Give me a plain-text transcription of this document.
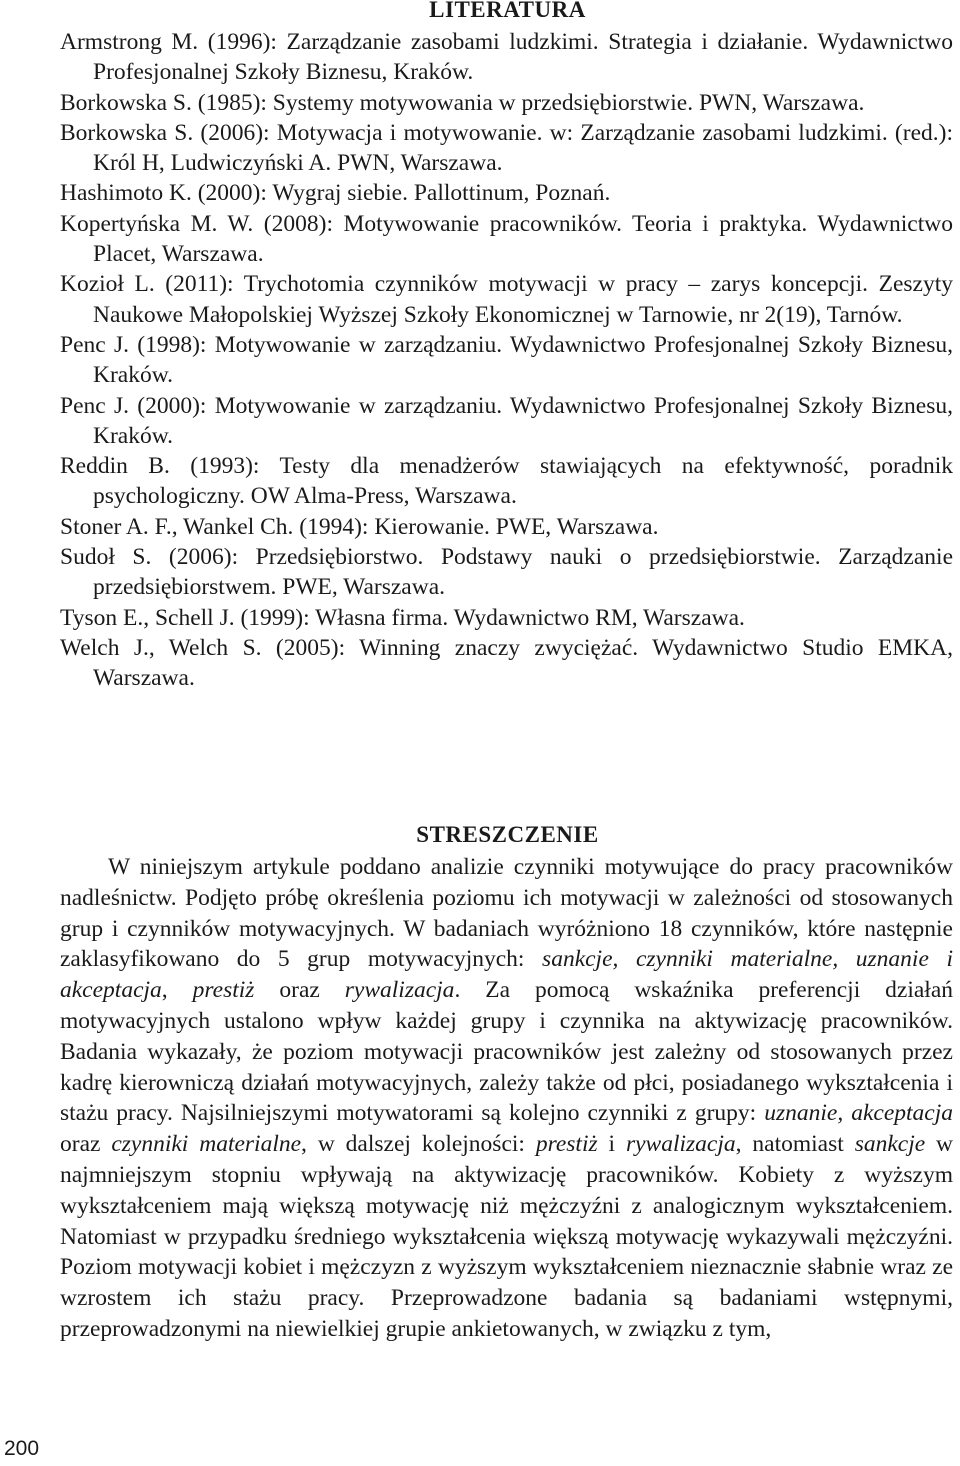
LITERATURA
Armstrong M. (1996): Zarządzanie zasobami ludzkimi. Strategia i działanie. Wydawnictwo Profesjonalnej Szkoły Biznesu, Kraków.
Borkowska S. (1985): Systemy motywowania w przedsiębiorstwie. PWN, Warszawa.
Borkowska S. (2006): Motywacja i motywowanie. w: Zarządzanie zasobami ludzkimi. (red.): Król H, Ludwiczyński A. PWN, Warszawa.
Hashimoto K. (2000): Wygraj siebie. Pallottinum, Poznań.
Kopertyńska M. W. (2008): Motywowanie pracowników. Teoria i praktyka. Wydawnictwo Placet, Warszawa.
Kozioł L. (2011): Trychotomia czynników motywacji w pracy – zarys koncepcji. Zeszyty Naukowe Małopolskiej Wyższej Szkoły Ekonomicznej w Tarnowie, nr 2(19), Tarnów.
Penc J. (1998): Motywowanie w zarządzaniu. Wydawnictwo Profesjonalnej Szkoły Biznesu, Kraków.
Penc J. (2000): Motywowanie w zarządzaniu. Wydawnictwo Profesjonalnej Szkoły Biznesu, Kraków.
Reddin B. (1993): Testy dla menadżerów stawiających na efektywność, poradnik psychologiczny. OW Alma-Press, Warszawa.
Stoner A. F., Wankel Ch. (1994): Kierowanie. PWE, Warszawa.
Sudoł S. (2006): Przedsiębiorstwo. Podstawy nauki o przedsiębiorstwie. Zarządzanie przedsiębiorstwem. PWE, Warszawa.
Tyson E., Schell J. (1999): Własna firma. Wydawnictwo RM, Warszawa.
Welch J., Welch S. (2005): Winning znaczy zwyciężać. Wydawnictwo Studio EMKA, Warszawa.
STRESZCZENIE

W niniejszym artykule poddano analizie czynniki motywujące do pracy pracowników nadleśnictw. Podjęto próbę określenia poziomu ich motywacji w zależności od stosowanych grup i czynników motywacyjnych. W badaniach wyróżniono 18 czynników, które następnie zaklasyfikowano do 5 grup motywacyjnych: sankcje, czynniki materialne, uznanie i akceptacja, prestiż oraz rywalizacja. Za pomocą wskaźnika preferencji działań motywacyjnych ustalono wpływ każdej grupy i czynnika na aktywizację pracowników. Badania wykazały, że poziom motywacji pracowników jest zależny od stosowanych przez kadrę kierowniczą działań motywacyjnych, zależy także od płci, posiadanego wykształcenia i stażu pracy. Najsilniejszymi motywatorami są kolejno czynniki z grupy: uznanie, akceptacja oraz czynniki materialne, w dalszej kolejności: prestiż i rywalizacja, natomiast sankcje w najmniejszym stopniu wpływają na aktywizację pracowników. Kobiety z wyższym wykształceniem mają większą motywację niż mężczyźni z analogicznym wykształceniem. Natomiast w przypadku średniego wykształcenia większą motywację wykazywali mężczyźni. Poziom motywacji kobiet i mężczyzn z wyższym wykształceniem nieznacznie słabnie wraz ze wzrostem ich stażu pracy. Przeprowadzone badania są badaniami wstępnymi, przeprowadzonymi na niewielkiej grupie ankietowanych, w związku z tym,

200
